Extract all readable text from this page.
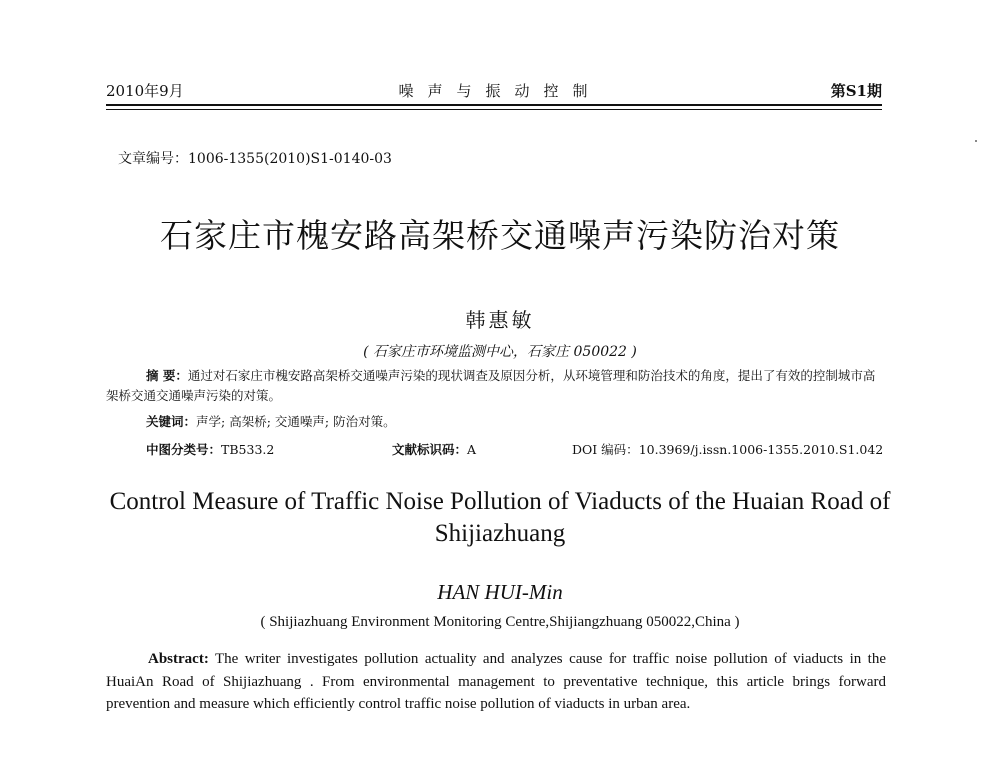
2010年9月	噪声与振动控制	第S1期
文章编号：1006-1355(2010)S1-0140-03
石家庄市槐安路高架桥交通噪声污染防治对策
韩惠敏
( 石家庄市环境监测中心，石家庄 050022 )
摘 要：通过对石家庄市槐安路高架桥交通噪声污染的现状调查及原因分析，从环境管理和防治技术的角度，提出了有效的控制城市高架桥交通交通噪声污染的对策。
关键词：声学; 高架桥; 交通噪声; 防治对策。
中图分类号：TB533.2	文献标识码：A	DOI 编码：10.3969/j.issn.1006-1355.2010.S1.042
Control Measure of Traffic Noise Pollution of Viaducts of the Huaian Road of Shijiazhuang
HAN HUI-Min
( Shijiazhuang Environment Monitoring Centre,Shijiangzhuang 050022,China )
Abstract: The writer investigates pollution actuality and analyzes cause for traffic noise pollution of viaducts in the HuaiAn Road of Shijiazhuang . From environmental management to preventative technique, this article brings forward prevention and measure which efficiently control traffic noise pollution of viaducts in urban area.
